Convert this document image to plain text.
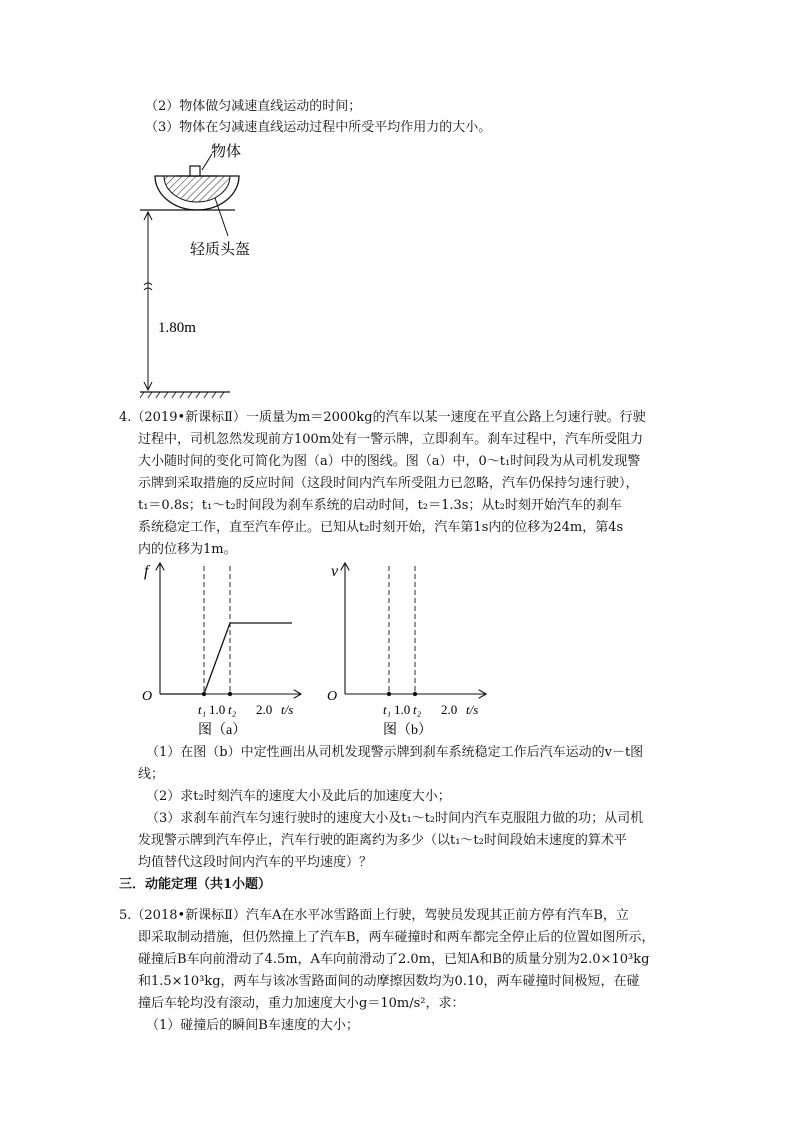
（2）物体做匀减速直线运动的时间；
（3）物体在匀减速直线运动过程中所受平均作用力的大小。
物体
轻质头盔
1.80m
4.（2019•新课标Ⅱ）一质量为m＝2000kg的汽车以某一速度在平直公路上匀速行驶。行驶
过程中，司机忽然发现前方100m处有一警示牌，立即刹车。刹车过程中，汽车所受阻力
大小随时间的变化可简化为图（a）中的图线。图（a）中，0～t₁时间段为从司机发现警
示牌到采取措施的反应时间（这段时间内汽车所受阻力已忽略，汽车仍保持匀速行驶），
t₁＝0.8s；t₁～t₂时间段为刹车系统的启动时间，t₂＝1.3s；从t₂时刻开始汽车的刹车
系统稳定工作，直至汽车停止。已知从t₂时刻开始，汽车第1s内的位移为24m，第4s
内的位移为1m。
f
O
t₁ 1.0 t₂ 2.0 t/s
图（a）
v
O
t₁ 1.0 t₂ 2.0 t/s
图（b）
（1）在图（b）中定性画出从司机发现警示牌到刹车系统稳定工作后汽车运动的v－t图
线；
（2）求t₂时刻汽车的速度大小及此后的加速度大小；
（3）求刹车前汽车匀速行驶时的速度大小及t₁～t₂时间内汽车克服阻力做的功；从司机
发现警示牌到汽车停止，汽车行驶的距离约为多少（以t₁～t₂时间段始末速度的算术平
均值替代这段时间内汽车的平均速度）？
三．动能定理（共1小题）
5.（2018•新课标Ⅱ）汽车A在水平冰雪路面上行驶，驾驶员发现其正前方停有汽车B，立
即采取制动措施，但仍然撞上了汽车B，两车碰撞时和两车都完全停止后的位置如图所示，
碰撞后B车向前滑动了4.5m，A车向前滑动了2.0m，已知A和B的质量分别为2.0×10³kg
和1.5×10³kg，两车与该冰雪路面间的动摩擦因数均为0.10，两车碰撞时间极短，在碰
撞后车轮均没有滚动，重力加速度大小g＝10m/s²，求：
（1）碰撞后的瞬间B车速度的大小；
